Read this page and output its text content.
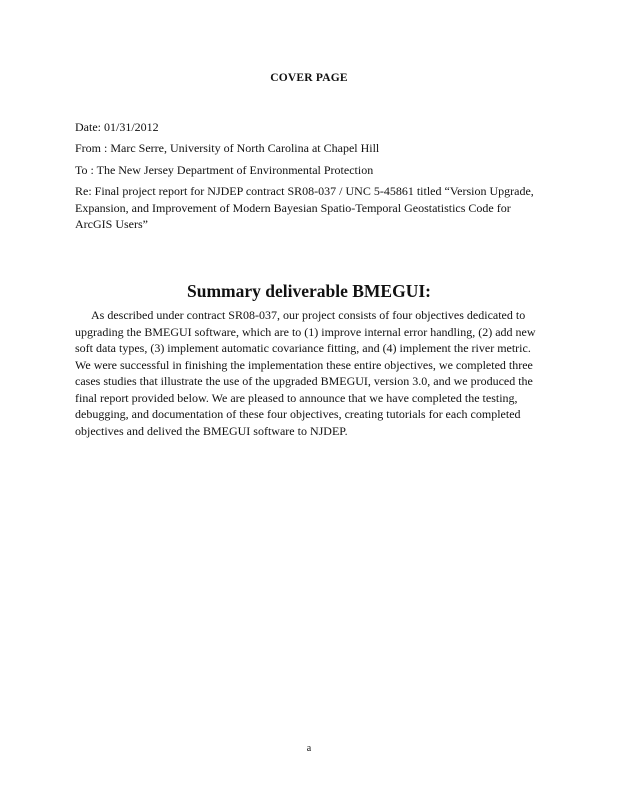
COVER PAGE
Date: 01/31/2012
From : Marc Serre, University of North Carolina at Chapel Hill
To : The New Jersey Department of Environmental Protection
Re: Final project report for NJDEP contract SR08-037 / UNC 5-45861 titled “Version Upgrade, Expansion, and Improvement of Modern Bayesian Spatio-Temporal Geostatistics Code for ArcGIS Users”
Summary deliverable BMEGUI:

As described under contract SR08-037, our project consists of four objectives dedicated to upgrading the BMEGUI software, which are to (1) improve internal error handling, (2) add new soft data types, (3) implement automatic covariance fitting, and (4) implement the river metric. We were successful in finishing the implementation these entire objectives, we completed three cases studies that illustrate the use of the upgraded BMEGUI, version 3.0, and we produced the final report provided below. We are pleased to announce that we have completed the testing, debugging, and documentation of these four objectives, creating tutorials for each completed objectives and delived the BMEGUI software to NJDEP.

a
